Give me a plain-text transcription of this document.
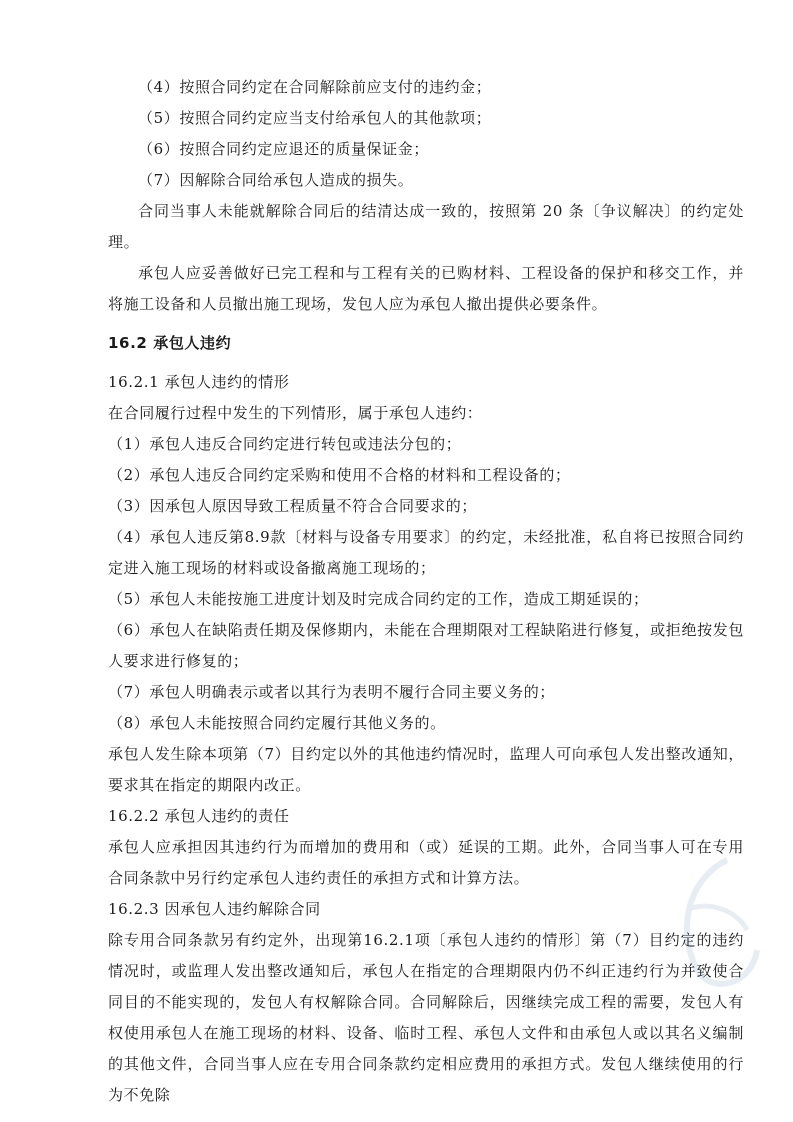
（4）按照合同约定在合同解除前应支付的违约金；

（5）按照合同约定应当支付给承包人的其他款项；

（6）按照合同约定应退还的质量保证金；

（7）因解除合同给承包人造成的损失。

合同当事人未能就解除合同后的结清达成一致的，按照第 20 条〔争议解决〕的约定处理。

承包人应妥善做好已完工程和与工程有关的已购材料、工程设备的保护和移交工作，并将施工设备和人员撤出施工现场，发包人应为承包人撤出提供必要条件。

16.2 承包人违约

16.2.1 承包人违约的情形

在合同履行过程中发生的下列情形，属于承包人违约：

（1）承包人违反合同约定进行转包或违法分包的；

（2）承包人违反合同约定采购和使用不合格的材料和工程设备的；

（3）因承包人原因导致工程质量不符合合同要求的；

（4）承包人违反第8.9款〔材料与设备专用要求〕的约定，未经批准，私自将已按照合同约定进入施工现场的材料或设备撤离施工现场的；

（5）承包人未能按施工进度计划及时完成合同约定的工作，造成工期延误的；

（6）承包人在缺陷责任期及保修期内，未能在合理期限对工程缺陷进行修复，或拒绝按发包人要求进行修复的；

（7）承包人明确表示或者以其行为表明不履行合同主要义务的；

（8）承包人未能按照合同约定履行其他义务的。

承包人发生除本项第（7）目约定以外的其他违约情况时，监理人可向承包人发出整改通知，要求其在指定的期限内改正。

16.2.2 承包人违约的责任

承包人应承担因其违约行为而增加的费用和（或）延误的工期。此外，合同当事人可在专用合同条款中另行约定承包人违约责任的承担方式和计算方法。

16.2.3 因承包人违约解除合同

除专用合同条款另有约定外，出现第16.2.1项〔承包人违约的情形〕第（7）目约定的违约情况时，或监理人发出整改通知后，承包人在指定的合理期限内仍不纠正违约行为并致使合同目的不能实现的，发包人有权解除合同。合同解除后，因继续完成工程的需要，发包人有权使用承包人在施工现场的材料、设备、临时工程、承包人文件和由承包人或以其名义编制的其他文件，合同当事人应在专用合同条款约定相应费用的承担方式。发包人继续使用的行为不免除
